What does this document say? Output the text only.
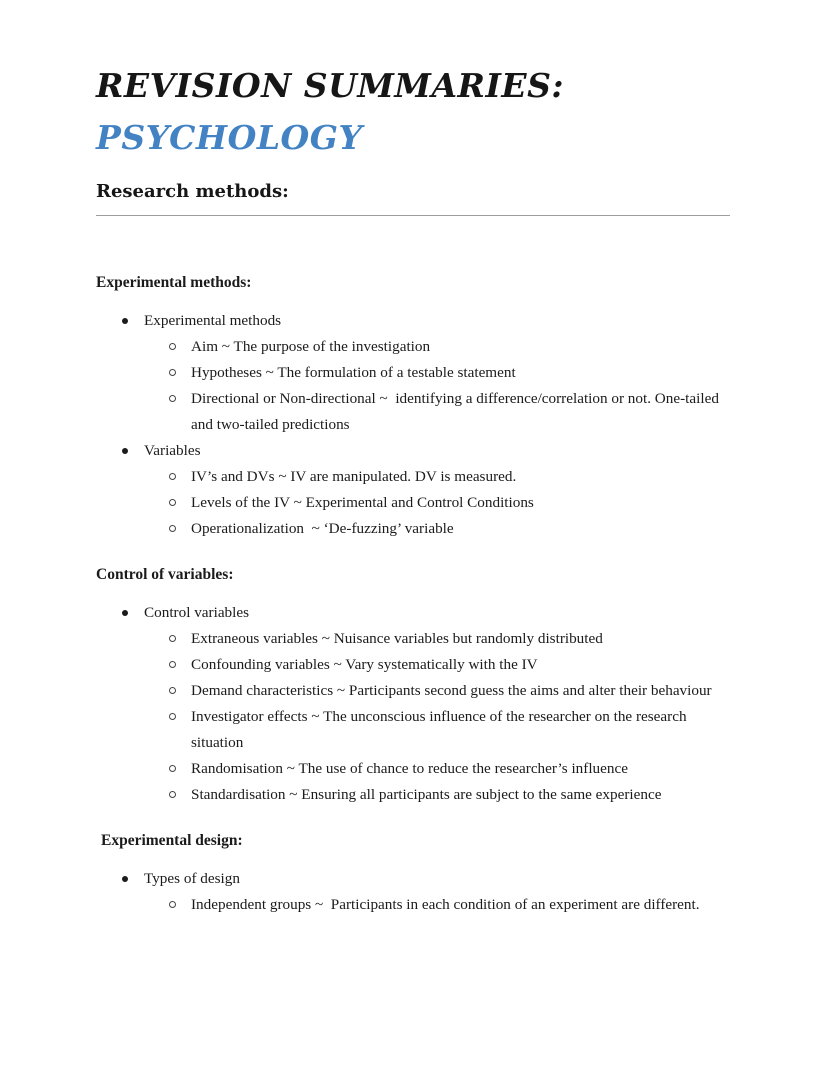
REVISION SUMMARIES:
PSYCHOLOGY
Research methods:
Experimental methods:
Experimental methods
Aim ~ The purpose of the investigation
Hypotheses ~ The formulation of a testable statement
Directional or Non-directional ~  identifying a difference/correlation or not. One-tailed and two-tailed predictions
Variables
IV’s and DVs ~ IV are manipulated. DV is measured.
Levels of the IV ~ Experimental and Control Conditions
Operationalization  ~ ‘De-fuzzing’ variable
Control of variables:
Control variables
Extraneous variables ~ Nuisance variables but randomly distributed
Confounding variables ~ Vary systematically with the IV
Demand characteristics ~ Participants second guess the aims and alter their behaviour
Investigator effects ~ The unconscious influence of the researcher on the research situation
Randomisation ~ The use of chance to reduce the researcher’s influence
Standardisation ~ Ensuring all participants are subject to the same experience
Experimental design:
Types of design
Independent groups ~  Participants in each condition of an experiment are different.
